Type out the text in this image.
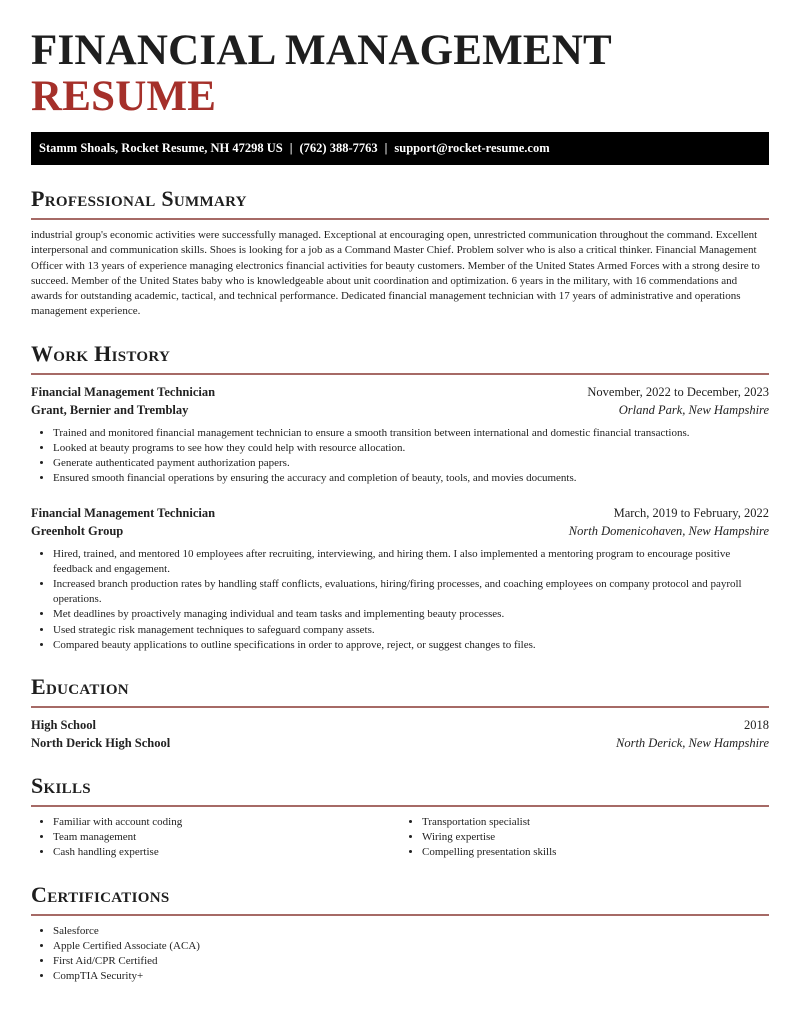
FINANCIAL MANAGEMENT RESUME
Stamm Shoals, Rocket Resume, NH 47298 US | (762) 388-7763 | support@rocket-resume.com
Professional Summary

industrial group's economic activities were successfully managed. Exceptional at encouraging open, unrestricted communication throughout the command. Excellent interpersonal and communication skills. Shoes is looking for a job as a Command Master Chief. Problem solver who is also a critical thinker. Financial Management Officer with 13 years of experience managing electronics financial activities for beauty customers. Member of the United States Armed Forces with a strong desire to succeed. Member of the United States baby who is knowledgeable about unit coordination and optimization. 6 years in the military, with 16 commendations and awards for outstanding academic, tactical, and technical performance. Dedicated financial management technician with 17 years of administrative and operations management experience.

Work History
Financial Management Technician	November, 2022 to December, 2023
Grant, Bernier and Tremblay	Orland Park, New Hampshire
• Trained and monitored financial management technician to ensure a smooth transition between international and domestic financial transactions.
• Looked at beauty programs to see how they could help with resource allocation.
• Generate authenticated payment authorization papers.
• Ensured smooth financial operations by ensuring the accuracy and completion of beauty, tools, and movies documents.
Financial Management Technician	March, 2019 to February, 2022
Greenholt Group	North Domenicohaven, New Hampshire
• Hired, trained, and mentored 10 employees after recruiting, interviewing, and hiring them. I also implemented a mentoring program to encourage positive feedback and engagement.
• Increased branch production rates by handling staff conflicts, evaluations, hiring/firing processes, and coaching employees on company protocol and payroll operations.
• Met deadlines by proactively managing individual and team tasks and implementing beauty processes.
• Used strategic risk management techniques to safeguard company assets.
• Compared beauty applications to outline specifications in order to approve, reject, or suggest changes to files.
Education
High School	2018
North Derick High School	North Derick, New Hampshire
Skills
• Familiar with account coding
• Team management
• Cash handling expertise
• Transportation specialist
• Wiring expertise
• Compelling presentation skills
Certifications
• Salesforce
• Apple Certified Associate (ACA)
• First Aid/CPR Certified
• CompTIA Security+
